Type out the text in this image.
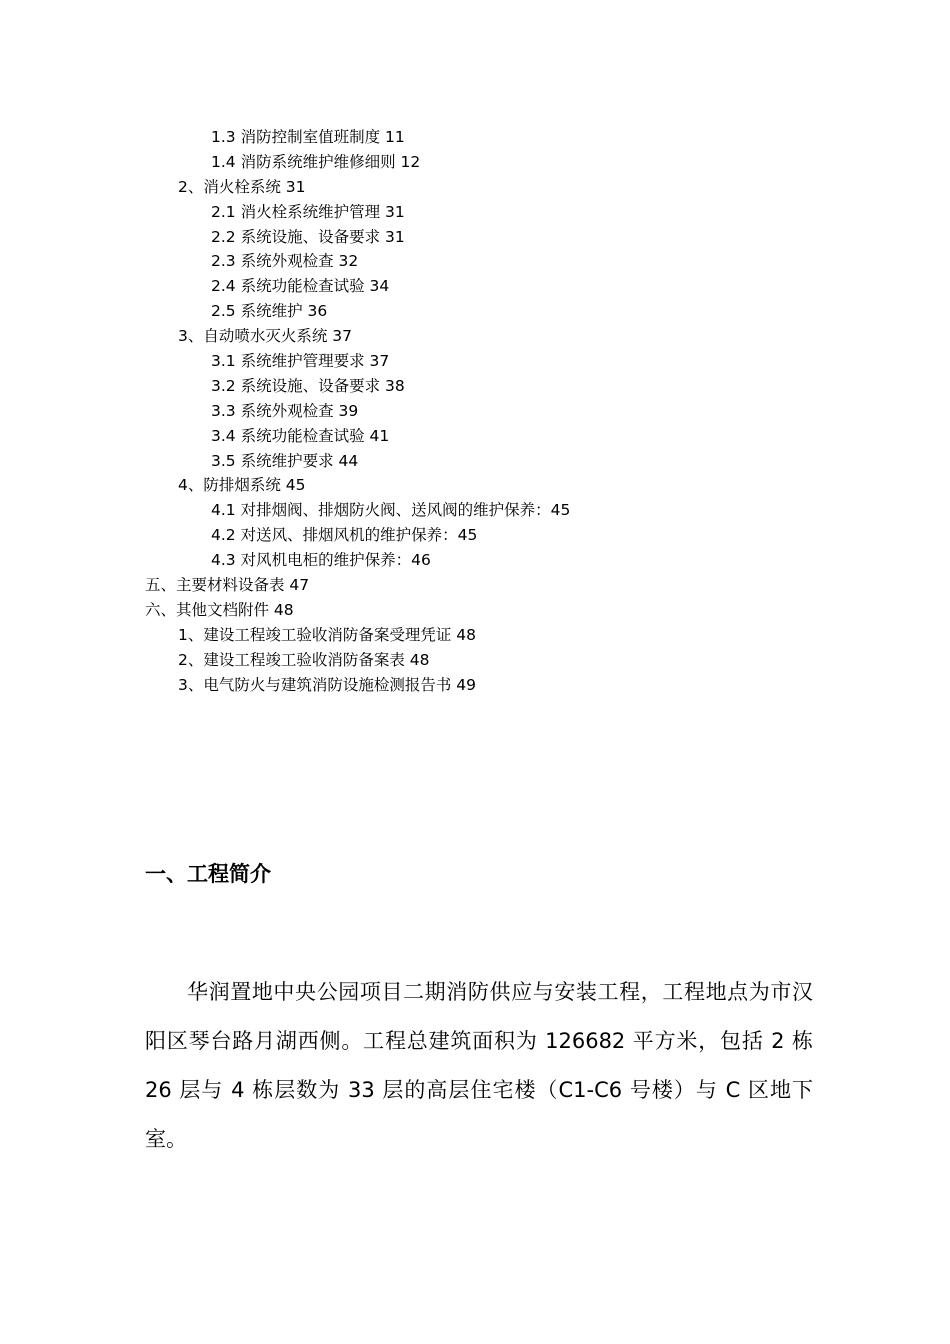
1.3 消防控制室值班制度 11
1.4 消防系统维护维修细则 12
2、消火栓系统 31
2.1 消火栓系统维护管理 31
2.2 系统设施、设备要求 31
2.3 系统外观检查 32
2.4 系统功能检查试验 34
2.5 系统维护 36
3、自动喷水灭火系统 37
3.1 系统维护管理要求 37
3.2 系统设施、设备要求 38
3.3 系统外观检查 39
3.4 系统功能检查试验 41
3.5 系统维护要求 44
4、防排烟系统 45
4.1 对排烟阀、排烟防火阀、送风阀的维护保养：45
4.2 对送风、排烟风机的维护保养：45
4.3 对风机电柜的维护保养：46
五、主要材料设备表 47
六、其他文档附件 48
1、建设工程竣工验收消防备案受理凭证 48
2、建设工程竣工验收消防备案表 48
3、电气防火与建筑消防设施检测报告书 49
一、工程简介

华润置地中央公园项目二期消防供应与安装工程，工程地点为市汉阳区琴台路月湖西侧。工程总建筑面积为 126682 平方米，包括 2 栋 26 层与 4 栋层数为 33 层的高层住宅楼（C1-C6 号楼）与 C 区地下室。
